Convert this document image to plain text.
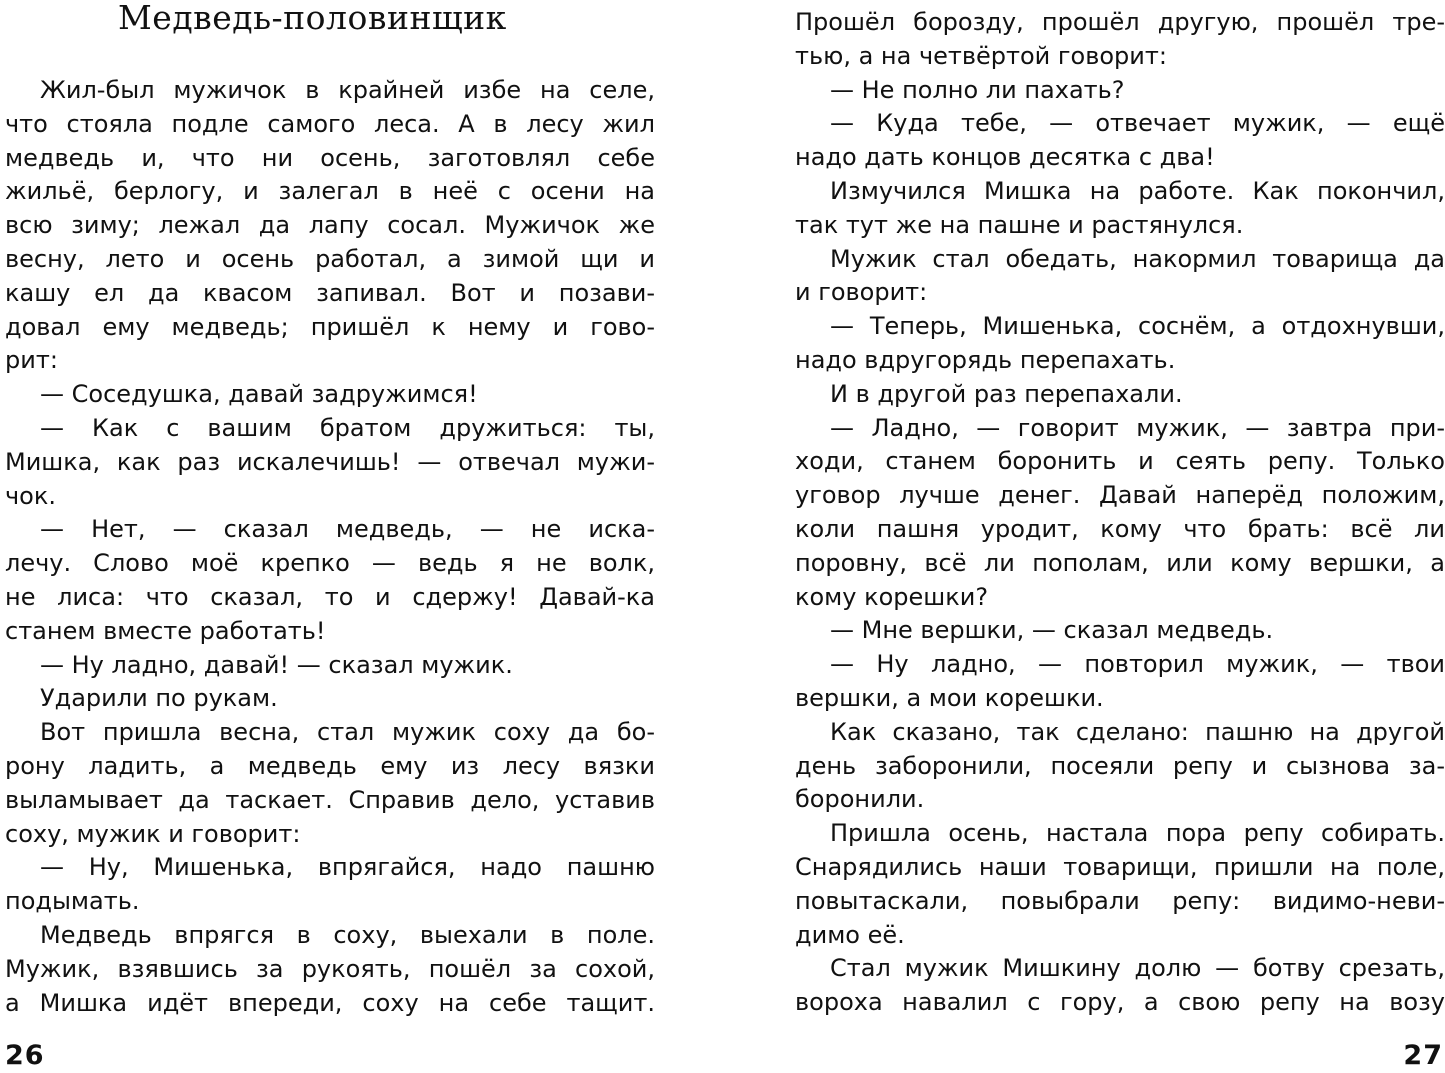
Медведь-половинщик
Жил-был мужичок в крайней избе на селе,
что стояла подле самого леса. А в лесу жил
медведь и, что ни осень, заготовлял себе
жильё, берлогу, и залегал в неё с осени на
всю зиму; лежал да лапу сосал. Мужичок же
весну, лето и осень работал, а зимой щи и
кашу ел да квасом запивал. Вот и позави-
довал ему медведь; пришёл к нему и гово-
рит:
— Соседушка, давай задружимся!
— Как с вашим братом дружиться: ты,
Мишка, как раз искалечишь! — отвечал мужи-
чок.
— Нет, — сказал медведь, — не иска-
лечу. Слово моё крепко — ведь я не волк,
не лиса: что сказал, то и сдержу! Давай-ка
станем вместе работать!
— Ну ладно, давай! — сказал мужик.
Ударили по рукам.
Вот пришла весна, стал мужик соху да бо-
рону ладить, а медведь ему из лесу вязки
выламывает да таскает. Справив дело, уставив
соху, мужик и говорит:
— Ну, Мишенька, впрягайся, надо пашню
подымать.
Медведь впрягся в соху, выехали в поле.
Мужик, взявшись за рукоять, пошёл за сохой,
а Мишка идёт впереди, соху на себе тащит.
26
Прошёл борозду, прошёл другую, прошёл тре-
тью, а на четвёртой говорит:
— Не полно ли пахать?
— Куда тебе, — отвечает мужик, — ещё
надо дать концов десятка с два!
Измучился Мишка на работе. Как покончил,
так тут же на пашне и растянулся.
Мужик стал обедать, накормил товарища да
и говорит:
— Теперь, Мишенька, соснём, а отдохнувши,
надо вдругорядь перепахать.
И в другой раз перепахали.
— Ладно, — говорит мужик, — завтра при-
ходи, станем боронить и сеять репу. Только
уговор лучше денег. Давай наперёд положим,
коли пашня уродит, кому что брать: всё ли
поровну, всё ли пополам, или кому вершки, а
кому корешки?
— Мне вершки, — сказал медведь.
— Ну ладно, — повторил мужик, — твои
вершки, а мои корешки.
Как сказано, так сделано: пашню на другой
день заборонили, посеяли репу и сызнова за-
боронили.
Пришла осень, настала пора репу собирать.
Снарядились наши товарищи, пришли на поле,
повытаскали, повыбрали репу: видимо-неви-
димо её.
Стал мужик Мишкину долю — ботву срезать,
вороха навалил с гору, а свою репу на возу
27
